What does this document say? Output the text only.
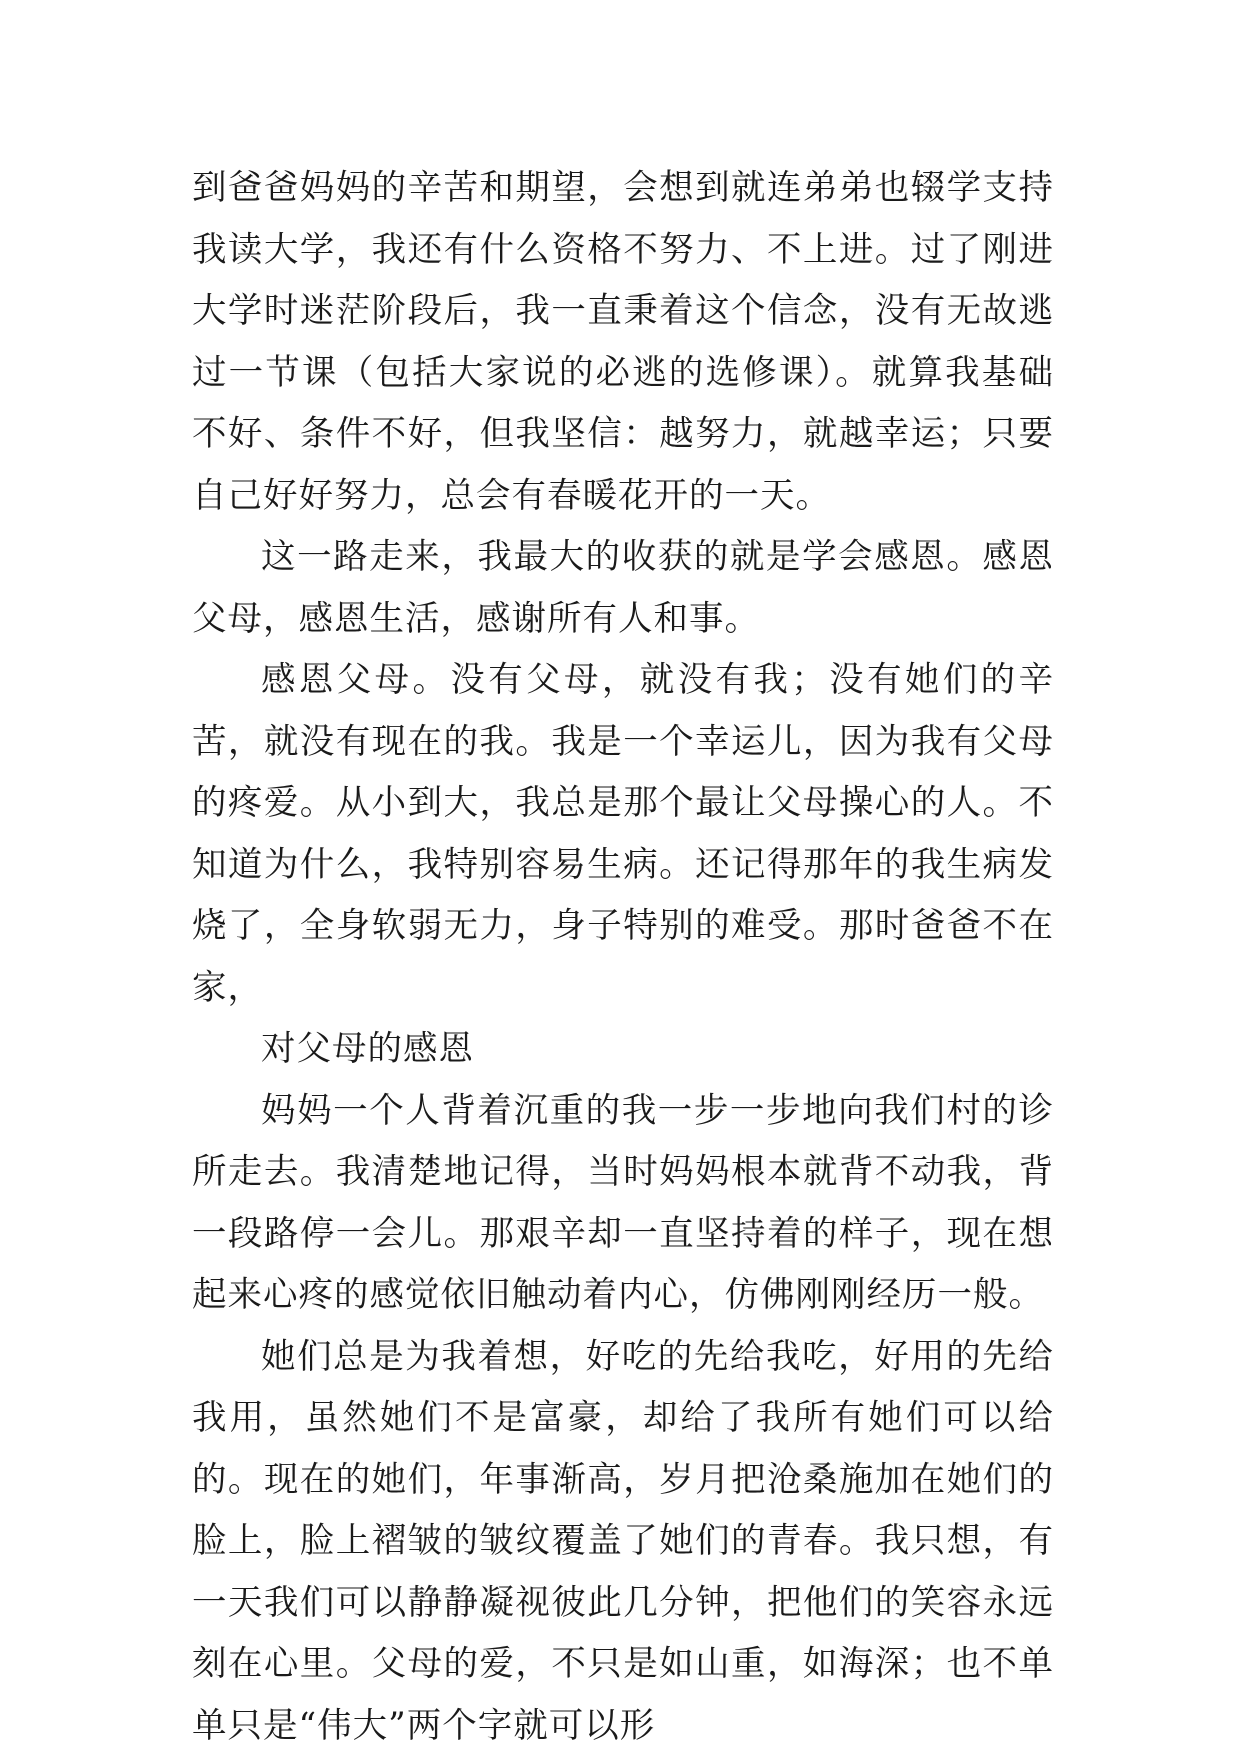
到爸爸妈妈的辛苦和期望，会想到就连弟弟也辍学支持我读大学，我还有什么资格不努力、不上进。过了刚进大学时迷茫阶段后，我一直秉着这个信念，没有无故逃过一节课（包括大家说的必逃的选修课）。就算我基础不好、条件不好，但我坚信：越努力，就越幸运；只要自己好好努力，总会有春暖花开的一天。

这一路走来，我最大的收获的就是学会感恩。感恩父母，感恩生活，感谢所有人和事。

感恩父母。没有父母，就没有我；没有她们的辛苦，就没有现在的我。我是一个幸运儿，因为我有父母的疼爱。从小到大，我总是那个最让父母操心的人。不知道为什么，我特别容易生病。还记得那年的我生病发烧了，全身软弱无力，身子特别的难受。那时爸爸不在家，

对父母的感恩

妈妈一个人背着沉重的我一步一步地向我们村的诊所走去。我清楚地记得，当时妈妈根本就背不动我，背一段路停一会儿。那艰辛却一直坚持着的样子，现在想起来心疼的感觉依旧触动着内心，仿佛刚刚经历一般。

她们总是为我着想，好吃的先给我吃，好用的先给我用，虽然她们不是富豪，却给了我所有她们可以给的。现在的她们，年事渐高，岁月把沧桑施加在她们的脸上，脸上褶皱的皱纹覆盖了她们的青春。我只想，有一天我们可以静静凝视彼此几分钟，把他们的笑容永远刻在心里。父母的爱，不只是如山重，如海深；也不单单只是“伟大”两个字就可以形
